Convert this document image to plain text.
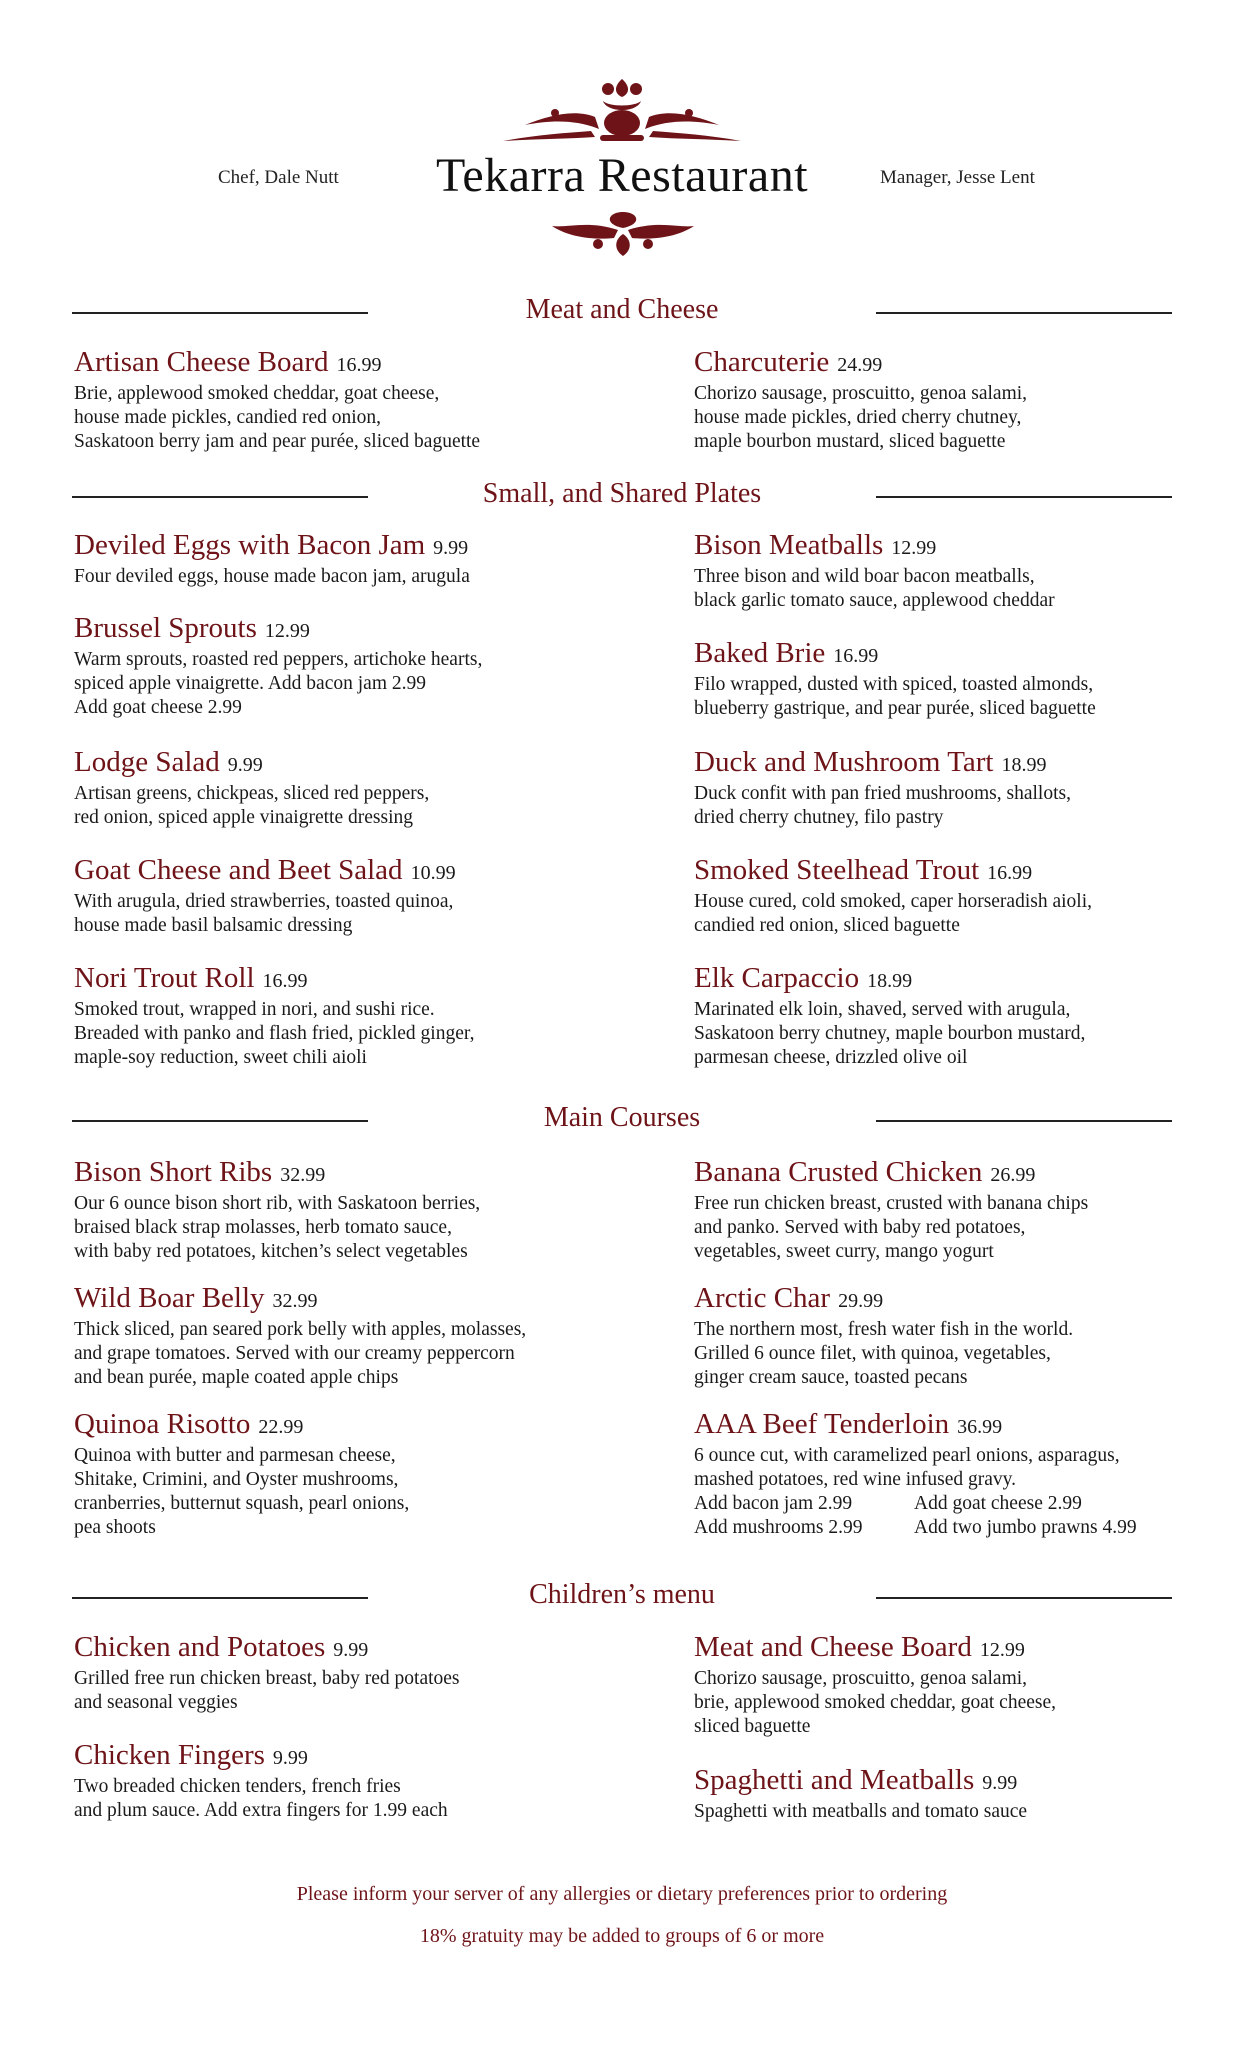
Chef, Dale Nutt	Manager, Jesse Lent
Tekarra Restaurant
Meat and Cheese
Artisan Cheese Board 16.99
Brie, applewood smoked cheddar, goat cheese,
house made pickles, candied red onion,
Saskatoon berry jam and pear purée, sliced baguette
Charcuterie 24.99
Chorizo sausage, proscuitto, genoa salami,
house made pickles, dried cherry chutney,
maple bourbon mustard, sliced baguette
Small, and Shared Plates
Deviled Eggs with Bacon Jam 9.99
Four deviled eggs, house made bacon jam, arugula
Bison Meatballs 12.99
Three bison and wild boar bacon meatballs,
black garlic tomato sauce, applewood cheddar
Brussel Sprouts 12.99
Warm sprouts, roasted red peppers, artichoke hearts,
spiced apple vinaigrette. Add bacon jam 2.99
Add goat cheese 2.99
Baked Brie 16.99
Filo wrapped, dusted with spiced, toasted almonds,
blueberry gastrique, and pear purée, sliced baguette
Lodge Salad 9.99
Artisan greens, chickpeas, sliced red peppers,
red onion, spiced apple vinaigrette dressing
Duck and Mushroom Tart 18.99
Duck confit with pan fried mushrooms, shallots,
dried cherry chutney, filo pastry
Goat Cheese and Beet Salad 10.99
With arugula, dried strawberries, toasted quinoa,
house made basil balsamic dressing
Smoked Steelhead Trout 16.99
House cured, cold smoked, caper horseradish aioli,
candied red onion, sliced baguette
Nori Trout Roll 16.99
Smoked trout, wrapped in nori, and sushi rice.
Breaded with panko and flash fried, pickled ginger,
maple-soy reduction, sweet chili aioli
Elk Carpaccio 18.99
Marinated elk loin, shaved, served with arugula,
Saskatoon berry chutney, maple bourbon mustard,
parmesan cheese, drizzled olive oil
Main Courses
Bison Short Ribs 32.99
Our 6 ounce bison short rib, with Saskatoon berries,
braised black strap molasses, herb tomato sauce,
with baby red potatoes, kitchen’s select vegetables
Banana Crusted Chicken 26.99
Free run chicken breast, crusted with banana chips
and panko. Served with baby red potatoes,
vegetables, sweet curry, mango yogurt
Wild Boar Belly 32.99
Thick sliced, pan seared pork belly with apples, molasses,
and grape tomatoes. Served with our creamy peppercorn
and bean purée, maple coated apple chips
Arctic Char 29.99
The northern most, fresh water fish in the world.
Grilled 6 ounce filet, with quinoa, vegetables,
ginger cream sauce, toasted pecans
Quinoa Risotto 22.99
Quinoa with butter and parmesan cheese,
Shitake, Crimini, and Oyster mushrooms,
cranberries, butternut squash, pearl onions,
pea shoots
AAA Beef Tenderloin 36.99
6 ounce cut, with caramelized pearl onions, asparagus,
mashed potatoes, red wine infused gravy.
Add bacon jam 2.99	Add goat cheese 2.99
Add mushrooms 2.99	Add two jumbo prawns 4.99
Children’s menu
Chicken and Potatoes 9.99
Grilled free run chicken breast, baby red potatoes
and seasonal veggies
Meat and Cheese Board 12.99
Chorizo sausage, proscuitto, genoa salami,
brie, applewood smoked cheddar, goat cheese,
sliced baguette
Chicken Fingers 9.99
Two breaded chicken tenders, french fries
and plum sauce. Add extra fingers for 1.99 each
Spaghetti and Meatballs 9.99
Spaghetti with meatballs and tomato sauce
Please inform your server of any allergies or dietary preferences prior to ordering
18% gratuity may be added to groups of 6 or more
